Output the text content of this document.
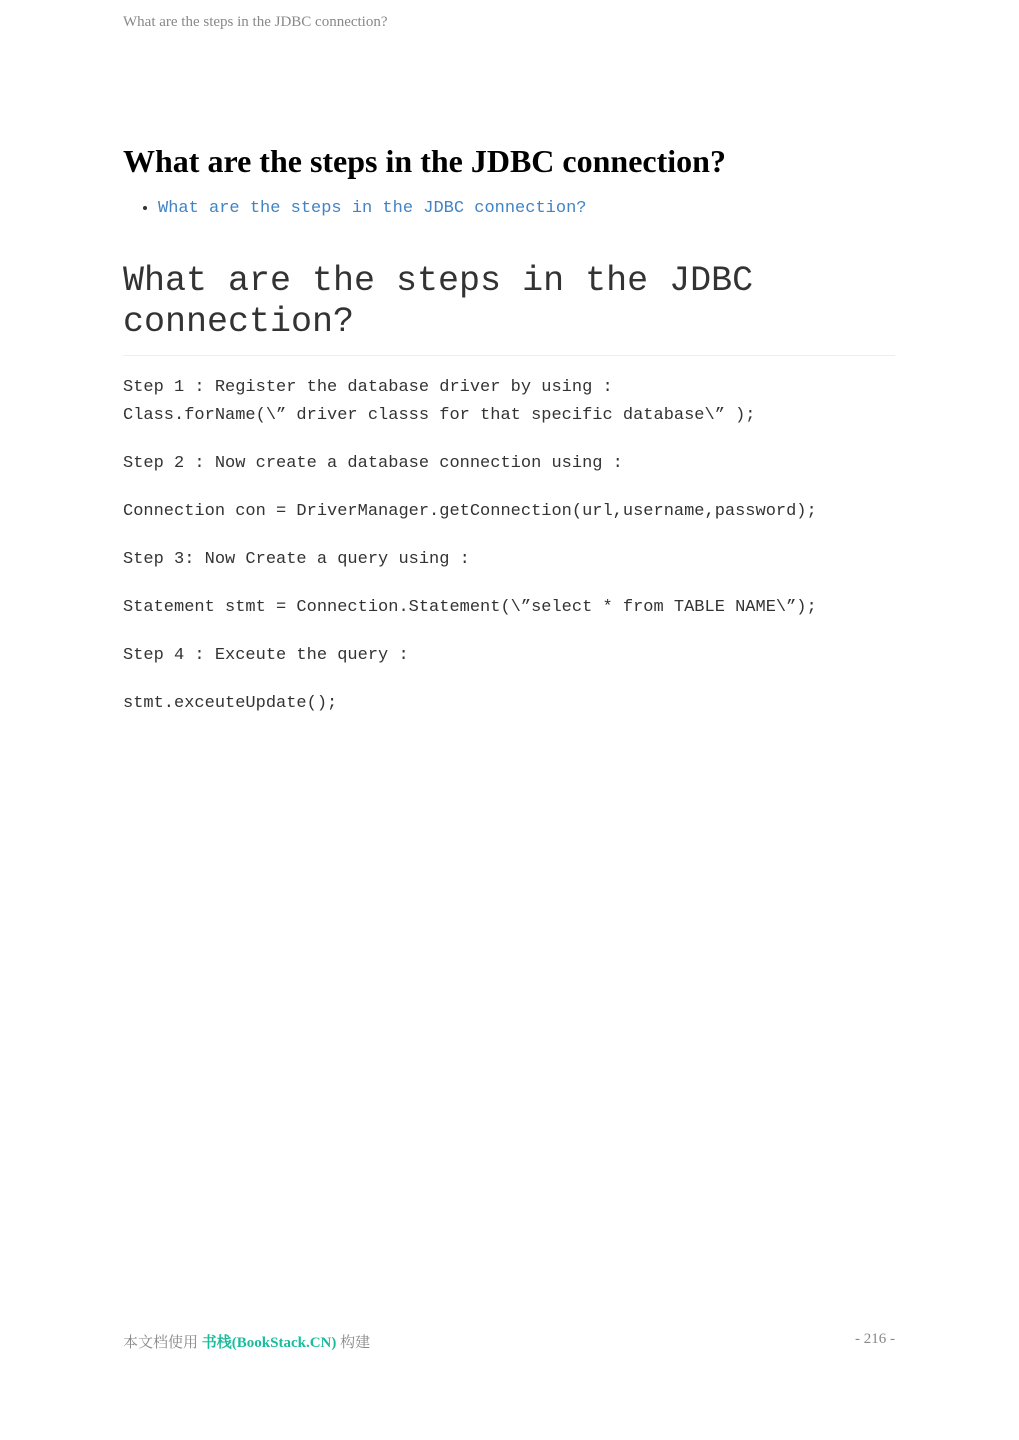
What are the steps in the JDBC connection?
What are the steps in the JDBC connection?
• What are the steps in the JDBC connection?
What are the steps in the JDBC connection?

Step 1 : Register the database driver by using :
Class.forName(\” driver classs for that specific database\” );

Step 2 : Now create a database connection using :

Connection con = DriverManager.getConnection(url,username,password);

Step 3: Now Create a query using :

Statement stmt = Connection.Statement(\”select * from TABLE NAME\”);

Step 4 : Exceute the query :

stmt.exceuteUpdate();

本文档使用 书栈(BookStack.CN) 构建	- 216 -
